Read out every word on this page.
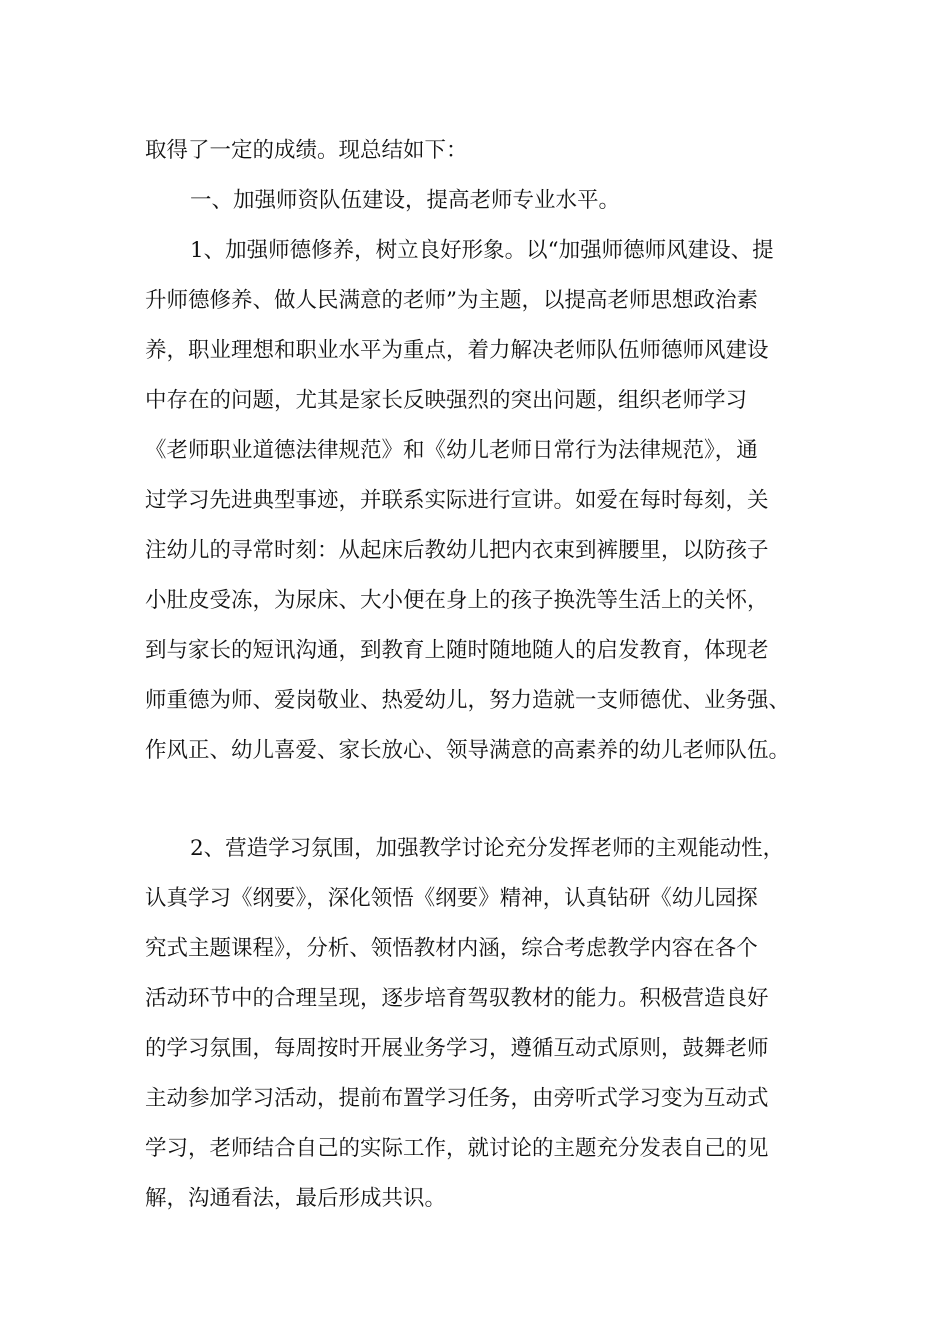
取得了一定的成绩。现总结如下：
一、加强师资队伍建设，提高老师专业水平。
1、加强师德修养，树立良好形象。以“加强师德师风建设、提
升师德修养、做人民满意的老师”为主题，以提高老师思想政治素
养，职业理想和职业水平为重点，着力解决老师队伍师德师风建设
中存在的问题，尤其是家长反映强烈的突出问题，组织老师学习
《老师职业道德法律规范》和《幼儿老师日常行为法律规范》，通
过学习先进典型事迹，并联系实际进行宣讲。如爱在每时每刻，关
注幼儿的寻常时刻：从起床后教幼儿把内衣束到裤腰里，以防孩子
小肚皮受冻，为尿床、大小便在身上的孩子换洗等生活上的关怀，
到与家长的短讯沟通，到教育上随时随地随人的启发教育，体现老
师重德为师、爱岗敬业、热爱幼儿，努力造就一支师德优、业务强、
作风正、幼儿喜爱、家长放心、领导满意的高素养的幼儿老师队伍。
2、营造学习氛围，加强教学讨论充分发挥老师的主观能动性，
认真学习《纲要》，深化领悟《纲要》精神，认真钻研《幼儿园探
究式主题课程》，分析、领悟教材内涵，综合考虑教学内容在各个
活动环节中的合理呈现，逐步培育驾驭教材的能力。积极营造良好
的学习氛围，每周按时开展业务学习，遵循互动式原则，鼓舞老师
主动参加学习活动，提前布置学习任务，由旁听式学习变为互动式
学习，老师结合自己的实际工作，就讨论的主题充分发表自己的见
解，沟通看法，最后形成共识。
